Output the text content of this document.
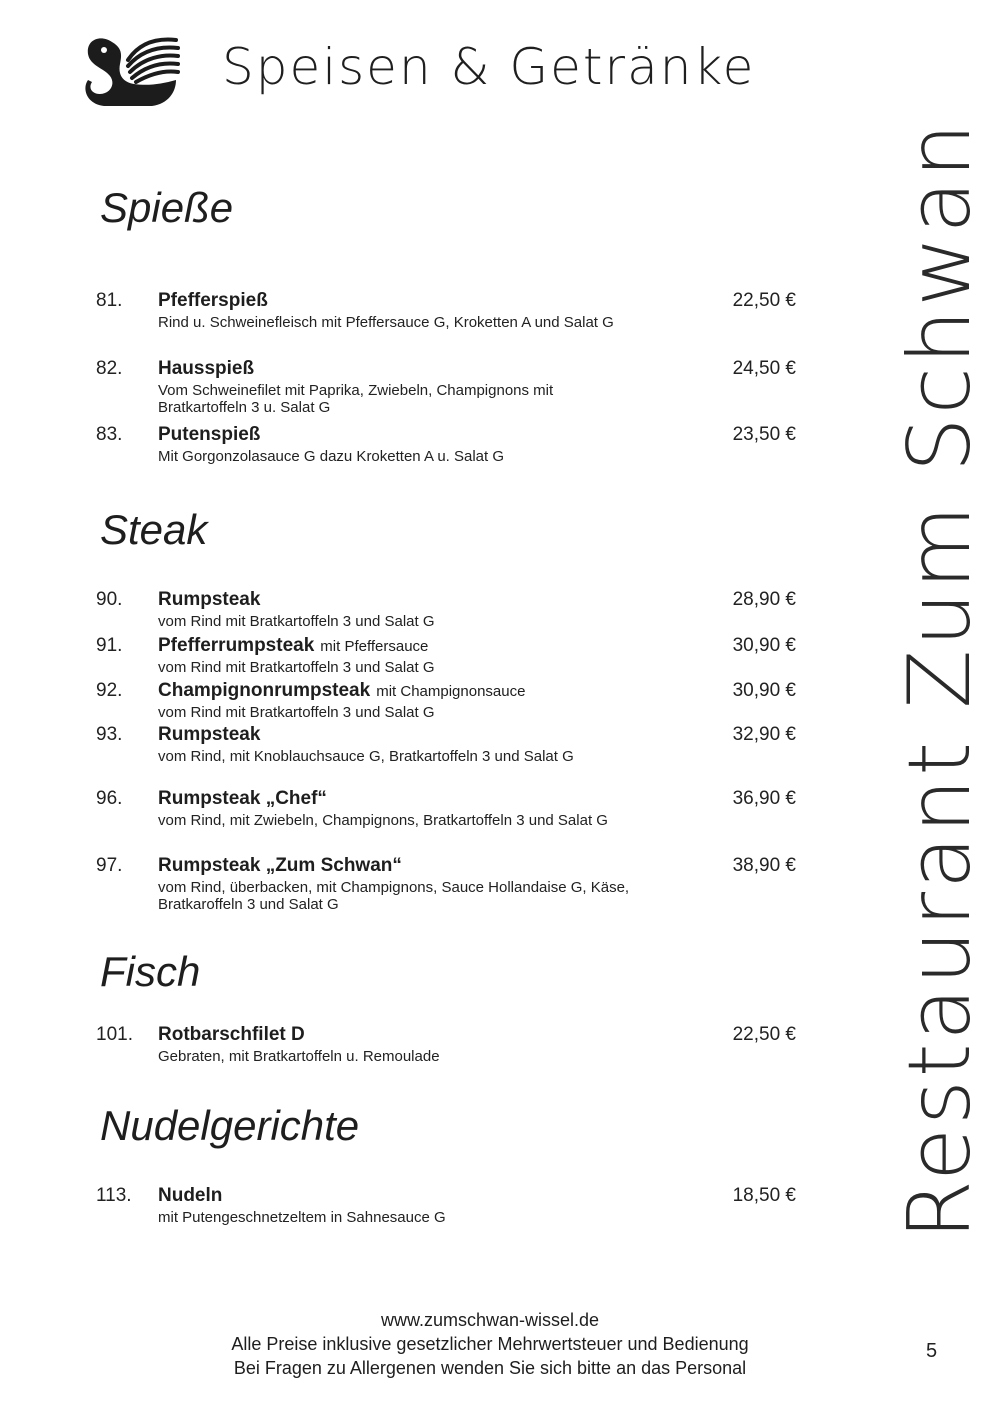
Speisen & Getränke
Restaurant Zum Schwan
Spieße
81. Pfefferspieß
Rind u. Schweinefleisch mit Pfeffersauce G, Kroketten A und Salat G
22,50 €
82. Hausspieß
Vom Schweinefilet mit Paprika, Zwiebeln, Champignons mit Bratkartoffeln 3 u. Salat G
24,50 €
83. Putenspieß
Mit Gorgonzolasauce G dazu Kroketten A u. Salat G
23,50 €
Steak
90. Rumpsteak
vom Rind mit Bratkartoffeln 3 und Salat G
28,90 €
91. Pfefferrumpsteak mit Pfeffersauce
vom Rind mit Bratkartoffeln 3 und Salat G
30,90 €
92. Champignonrumpsteak mit Champignonsauce
vom Rind mit Bratkartoffeln 3 und Salat G
30,90 €
93. Rumpsteak
vom Rind, mit Knoblauchsauce G, Bratkartoffeln 3 und Salat G
32,90 €
96. Rumpsteak „Chef“
vom Rind, mit Zwiebeln, Champignons, Bratkartoffeln 3 und Salat G
36,90 €
97. Rumpsteak „Zum Schwan“
vom Rind, überbacken, mit Champignons, Sauce Hollandaise G, Käse, Bratkaroffeln 3 und Salat G
38,90 €
Fisch
101. Rotbarschfilet D
Gebraten, mit Bratkartoffeln u. Remoulade
22,50 €
Nudelgerichte
113. Nudeln
mit Putengeschnetzeltem in Sahnesauce G
18,50 €
www.zumschwan-wissel.de
Alle Preise inklusive gesetzlicher Mehrwertsteuer und Bedienung
Bei Fragen zu Allergenen wenden Sie sich bitte an das Personal
5
